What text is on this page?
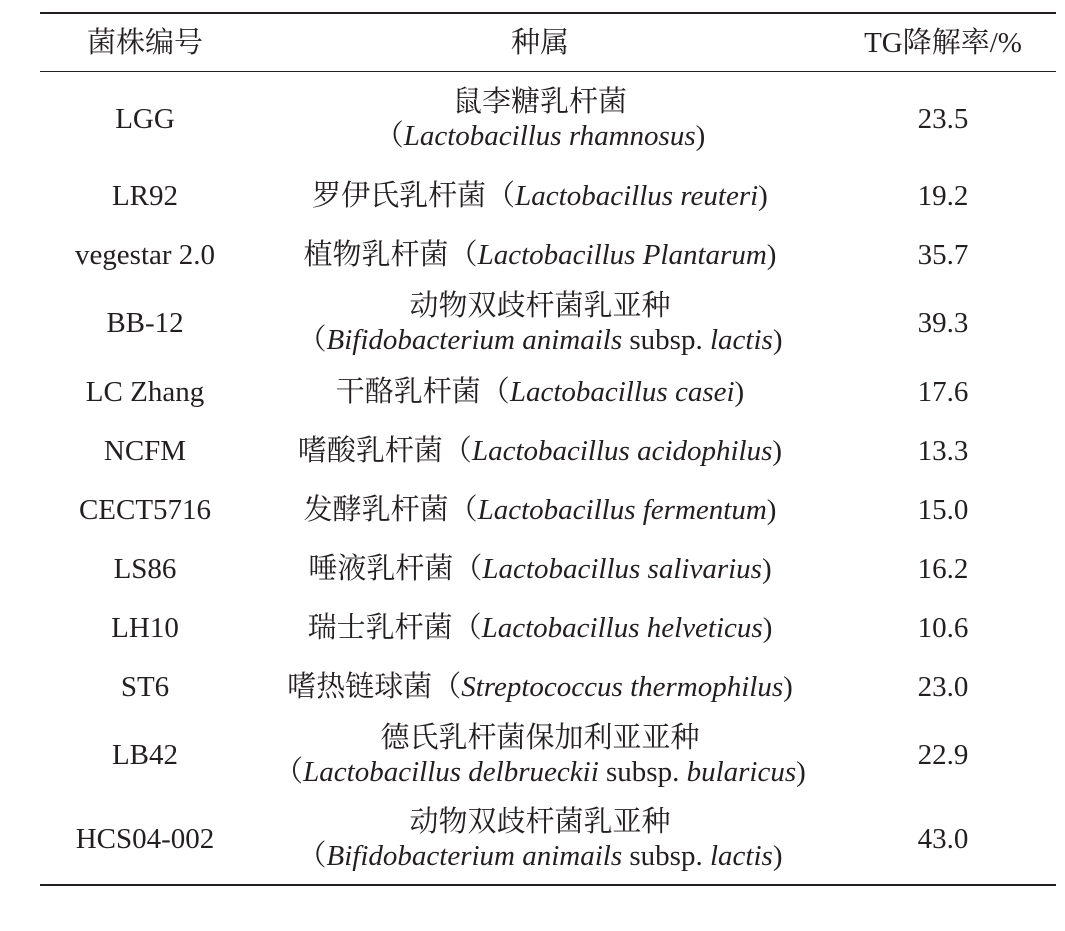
菌株编号	种属	TG降解率/%
LGG	鼠李糖乳杆菌
（ Lactobacillus rhamnosus )	23.5
LR92	罗伊氏乳杆菌 （ Lactobacillus reuteri )	19.2
vegestar 2.0	植物乳杆菌 （ Lactobacillus Plantarum )	35.7
BB-12	动物双歧杆菌乳亚种
（ Bifidobacterium animails subsp. lactis )	39.3
LC Zhang	干酪乳杆菌 （ Lactobacillus casei )	17.6
NCFM	嗜酸乳杆菌 （ Lactobacillus acidophilus )	13.3
CECT5716	发酵乳杆菌 （ Lactobacillus fermentum )	15.0
LS86	唾液乳杆菌 （ Lactobacillus salivarius )	16.2
LH10	瑞士乳杆菌 （ Lactobacillus helveticus )	10.6
ST6	嗜热链球菌 （ Streptococcus thermophilus )	23.0
LB42	德氏乳杆菌保加利亚亚种
（ Lactobacillus delbrueckii subsp. bularicus )	22.9
HCS04-002	动物双歧杆菌乳亚种
（ Bifidobacterium animails subsp. lactis )	43.0
